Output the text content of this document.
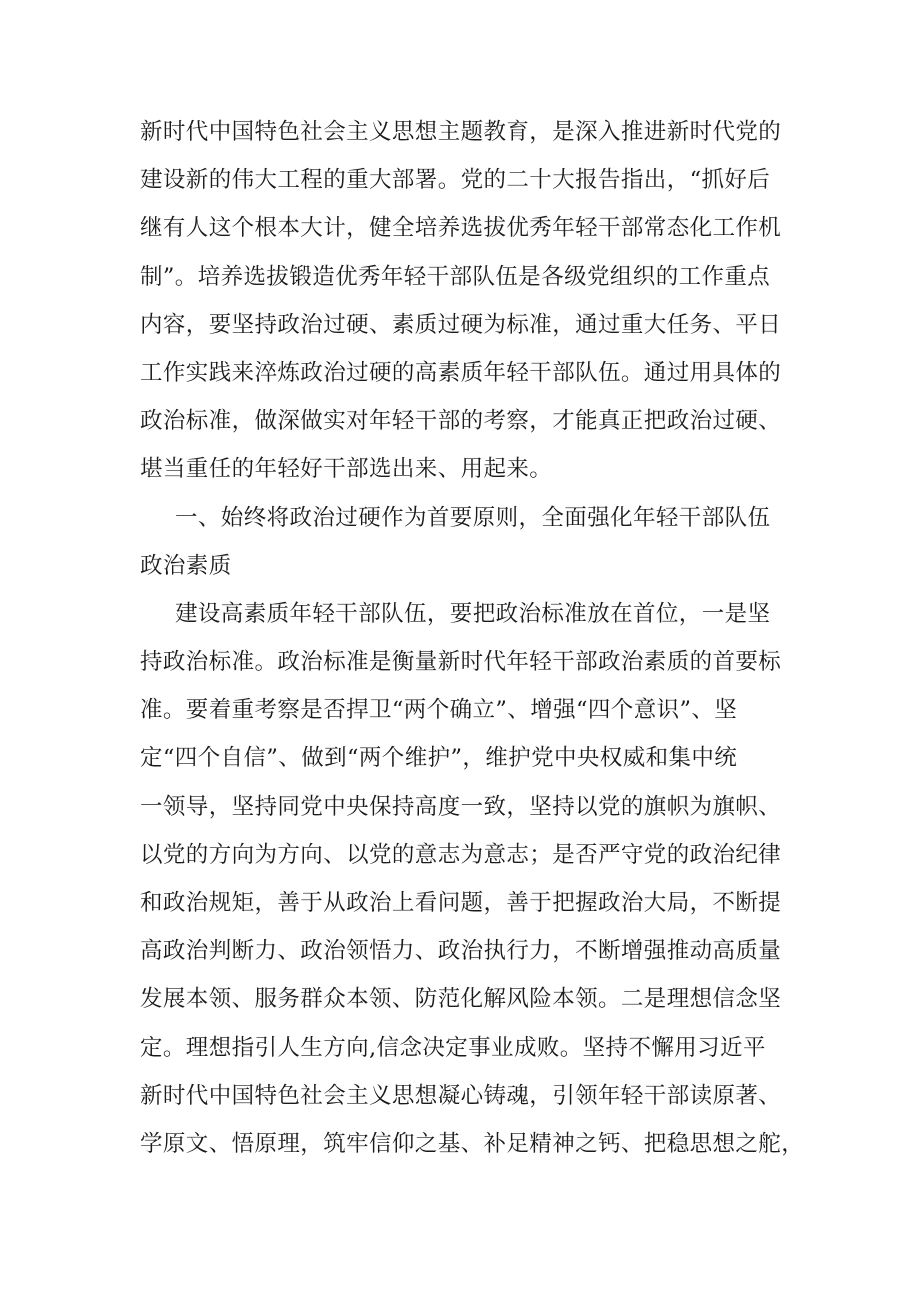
新时代中国特色社会主义思想主题教育，是深入推进新时代党的
建设新的伟大工程的重大部署。党的二十大报告指出，“抓好后
继有人这个根本大计，健全培养选拔优秀年轻干部常态化工作机
制”。培养选拔锻造优秀年轻干部队伍是各级党组织的工作重点
内容，要坚持政治过硬、素质过硬为标准，通过重大任务、平日
工作实践来淬炼政治过硬的高素质年轻干部队伍。通过用具体的
政治标准，做深做实对年轻干部的考察，才能真正把政治过硬、
堪当重任的年轻好干部选出来、用起来。
一、始终将政治过硬作为首要原则，全面强化年轻干部队伍
政治素质
建设高素质年轻干部队伍，要把政治标准放在首位，一是坚
持政治标准。政治标准是衡量新时代年轻干部政治素质的首要标
准。要着重考察是否捍卫“两个确立”、增强“四个意识”、坚
定“四个自信”、做到“两个维护”，维护党中央权威和集中统
一领导，坚持同党中央保持高度一致，坚持以党的旗帜为旗帜、
以党的方向为方向、以党的意志为意志；是否严守党的政治纪律
和政治规矩，善于从政治上看问题，善于把握政治大局，不断提
高政治判断力、政治领悟力、政治执行力，不断增强推动高质量
发展本领、服务群众本领、防范化解风险本领。二是理想信念坚
定。理想指引人生方向,信念决定事业成败。坚持不懈用习近平
新时代中国特色社会主义思想凝心铸魂，引领年轻干部读原著、
学原文、悟原理，筑牢信仰之基、补足精神之钙、把稳思想之舵，
